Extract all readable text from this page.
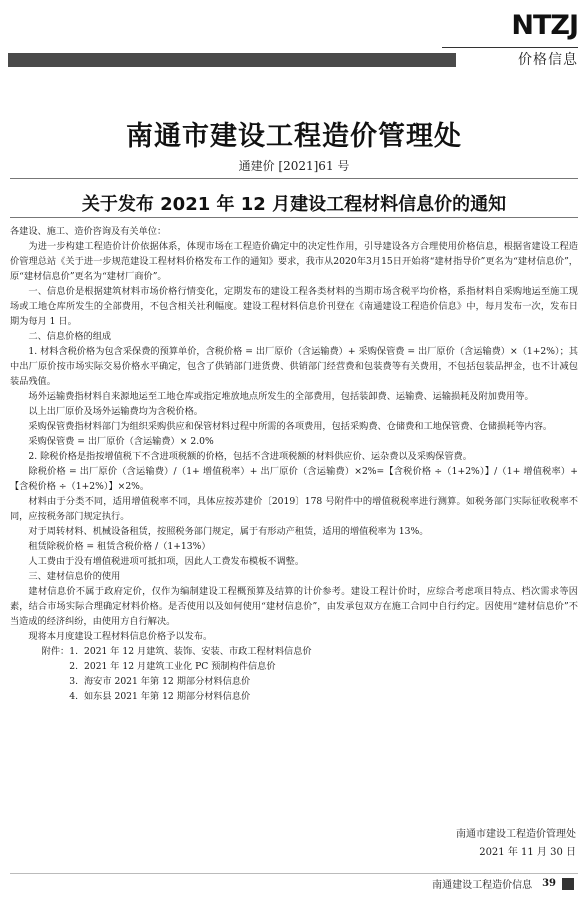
NTZJ
价格信息
南通市建设工程造价管理处
通建价 [2021]61 号
关于发布 2021 年 12 月建设工程材料信息价的通知

各建设、施工、造价咨询及有关单位：

为进一步构建工程造价计价依据体系，体现市场在工程造价确定中的决定性作用，引导建设各方合理使用价格信息，根据省建设工程造价管理总站《关于进一步规范建设工程材料价格发布工作的通知》要求，我市从2020年3月15日开始将“建材指导价”更名为“建材信息价”，原“建材信息价”更名为“建材厂商价”。

一、信息价是根据建筑材料市场价格行情变化，定期发布的建设工程各类材料的当期市场含税平均价格，系指材料自采购地运至施工现场或工地仓库所发生的全部费用，不包含相关社利幅度。建设工程材料信息价刊登在《南通建设工程造价信息》中，每月发布一次，发布日期为每月 1 日。

二、信息价格的组成

1. 材料含税价格为包含采保费的预算单价，含税价格 = 出厂原价（含运输费）+ 采购保管费 = 出厂原价（含运输费）×（1+2%）；其中出厂原价按市场实际交易价格水平确定，包含了供销部门进货费、供销部门经营费和包装费等有关费用，不包括包装品押金，也不计减包装品残值。

场外运输费指材料自来源地运至工地仓库或指定堆放地点所发生的全部费用，包括装卸费、运输费、运输损耗及附加费用等。

以上出厂原价及场外运输费均为含税价格。

采购保管费指材料部门为组织采购供应和保管材料过程中所需的各项费用，包括采购费、仓储费和工地保管费、仓储损耗等内容。

采购保管费 = 出厂原价（含运输费）× 2.0%

2. 除税价格是指按增值税下不含进项税额的价格，包括不含进项税额的材料供应价、运杂费以及采购保管费。

除税价格 = 出厂原价（含运输费）/（1+ 增值税率）+ 出厂原价（含运输费）×2%=【含税价格 ÷（1+2%）】/（1+ 增值税率）+【含税价格 ÷（1+2%）】×2%。

材料由于分类不同，适用增值税率不同，具体应按苏建价〔2019〕178 号附件中的增值税税率进行测算。如税务部门实际征收税率不同，应按税务部门规定执行。

对于周转材料、机械设备租赁，按照税务部门规定，属于有形动产租赁，适用的增值税率为 13%。

租赁除税价格 = 租赁含税价格 /（1+13%）

人工费由于没有增值税进项可抵扣项，因此人工费发布模板不调整。

三、建材信息价的使用

建材信息价不属于政府定价，仅作为编制建设工程概预算及结算的计价参考。建设工程计价时，应综合考虑项目特点、档次需求等因素，结合市场实际合理确定材料价格。是否使用以及如何使用“建材信息价”，由发承包双方在施工合同中自行约定。因使用“建材信息价”不当造成的经济纠纷，由使用方自行解决。

现将本月度建设工程材料信息价格予以发布。

附件：1. 2021 年 12 月建筑、装饰、安装、市政工程材料信息价
2. 2021 年 12 月建筑工业化 PC 预制构件信息价
3. 海安市 2021 年第 12 期部分材料信息价
4. 如东县 2021 年第 12 期部分材料信息价
南通市建设工程造价管理处
2021 年 11 月 30 日
南通建设工程造价信息 39
